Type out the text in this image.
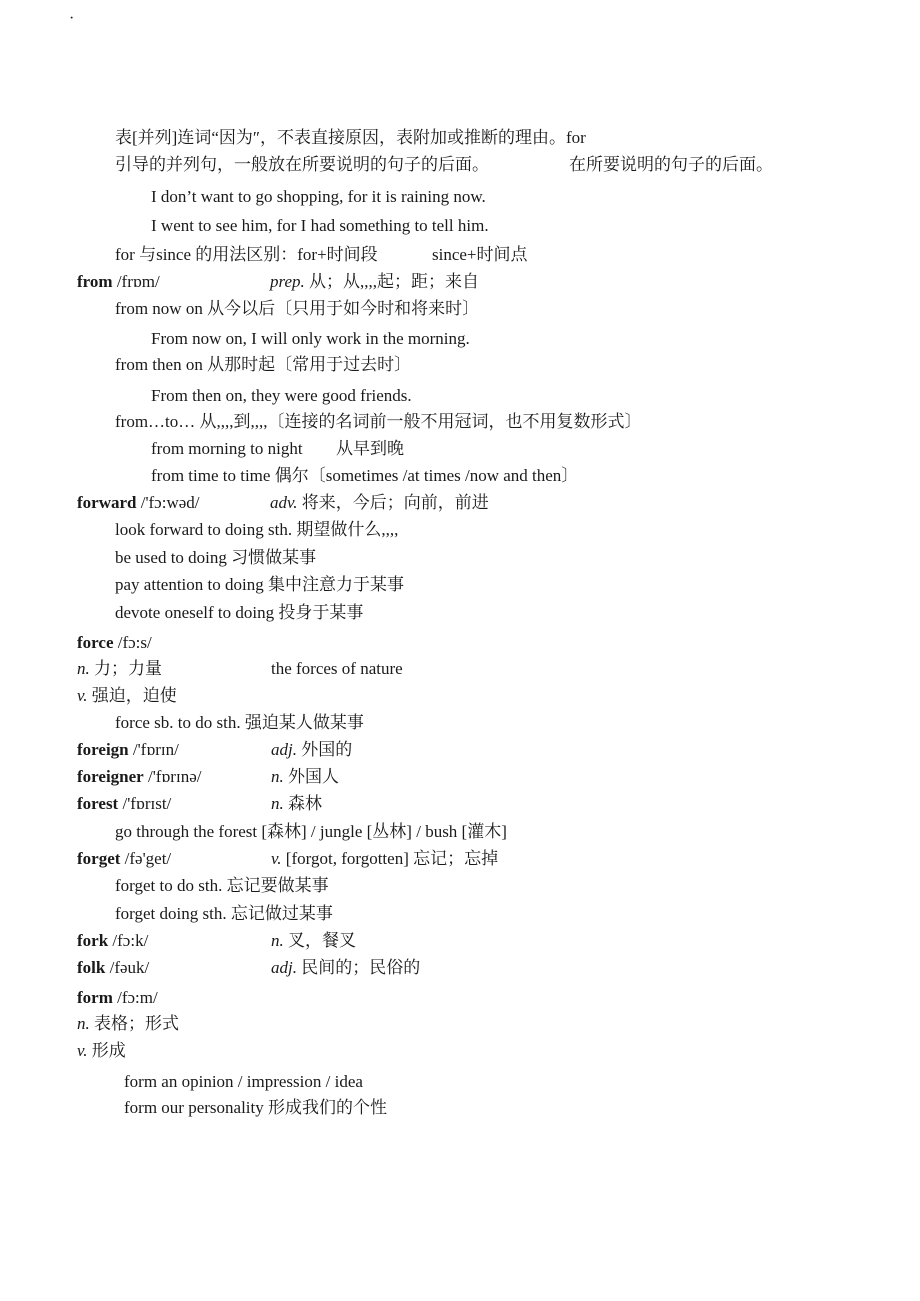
·
表[并列]连词“因为″，不表直接原因，表附加或推断的理由。for
引导的并列句，一般放在所要说明的句子的后面。	在所要说明的句子的后面。
I don’t want to go shopping, for it is raining now.
I went to see him, for I had something to tell him.
for 与since 的用法区别：for+时间段	since+时间点
from /frɒm/	prep. 从；从,,,,起；距；来自
from now on 从今以后〔只用于如今时和将来时〕
From now on, I will only work in the morning.
from then on 从那时起〔常用于过去时〕
From then on, they were good friends.
from…to… 从,,,,到,,,,〔连接的名词前一般不用冠词，也不用复数形式〕
from morning to night 从早到晚
from time to time 偶尔〔sometimes /at times /now and then〕
forward /'fɔ:wəd/	adv. 将来，今后；向前，前进
look forward to doing sth. 期望做什么,,,,
be used to doing 习惯做某事
pay attention to doing 集中注意力于某事
devote oneself to doing 投身于某事
force /fɔ:s/
n. 力；力量	the forces of nature
v. 强迫，迫使
force sb. to do sth. 强迫某人做某事
foreign /'fɒrɪn/	adj. 外国的
foreigner /'fɒrɪnə/	n. 外国人
forest /'fɒrɪst/	n. 森林
go through the forest [森林] / jungle [丛林] / bush [灌木]
forget /fə'get/	v. [forgot, forgotten] 忘记；忘掉
forget to do sth. 忘记要做某事
forget doing sth. 忘记做过某事
fork /fɔ:k/	n. 叉，餐叉
folk /fəuk/	adj. 民间的；民俗的
form /fɔ:m/
n. 表格；形式
v. 形成
form an opinion / impression / idea
form our personality 形成我们的个性
